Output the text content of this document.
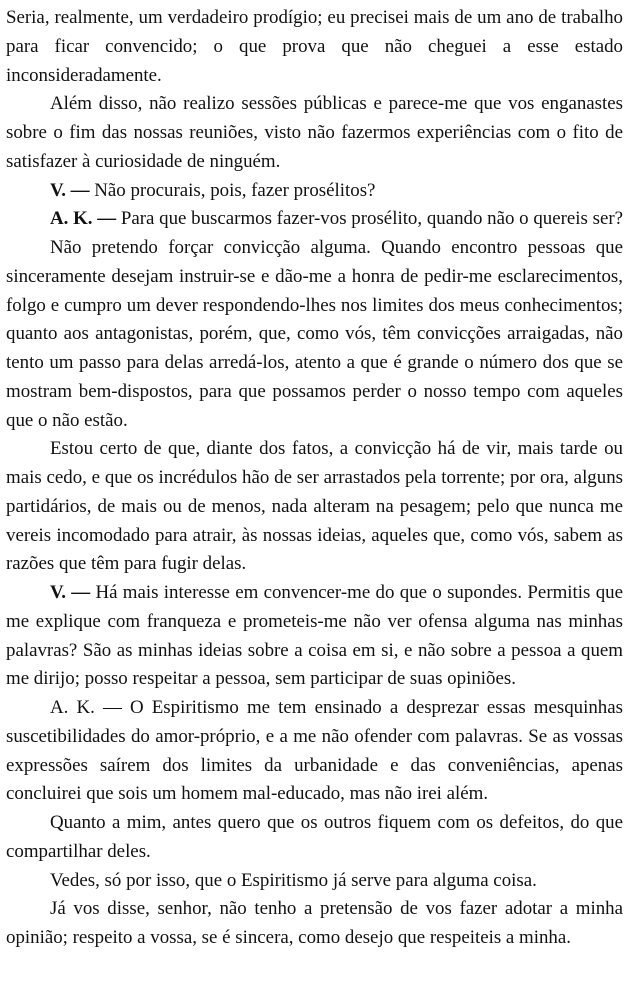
Seria, realmente, um verdadeiro prodígio; eu precisei mais de um ano de trabalho para ficar convencido; o que prova que não cheguei a esse estado inconsideradamente.

Além disso, não realizo sessões públicas e parece-me que vos enganastes sobre o fim das nossas reuniões, visto não fazermos experiências com o fito de satisfazer à curiosidade de ninguém.

V. — Não procurais, pois, fazer prosélitos?

A. K. — Para que buscarmos fazer-vos prosélito, quando não o quereis ser?

Não pretendo forçar convicção alguma. Quando encontro pessoas que sinceramente desejam instruir-se e dão-me a honra de pedir-me esclarecimentos, folgo e cumpro um dever respondendo-lhes nos limites dos meus conhecimentos; quanto aos antagonistas, porém, que, como vós, têm convicções arraigadas, não tento um passo para delas arredá-los, atento a que é grande o número dos que se mostram bem-dispostos, para que possamos perder o nosso tempo com aqueles que o não estão.

Estou certo de que, diante dos fatos, a convicção há de vir, mais tarde ou mais cedo, e que os incrédulos hão de ser arrastados pela torrente; por ora, alguns partidários, de mais ou de menos, nada alteram na pesagem; pelo que nunca me vereis incomodado para atrair, às nossas ideias, aqueles que, como vós, sabem as razões que têm para fugir delas.

V. — Há mais interesse em convencer-me do que o supondes. Permitis que me explique com franqueza e prometeis-me não ver ofensa alguma nas minhas palavras? São as minhas ideias sobre a coisa em si, e não sobre a pessoa a quem me dirijo; posso respeitar a pessoa, sem participar de suas opiniões.

A. K. — O Espiritismo me tem ensinado a desprezar essas mesquinhas suscetibilidades do amor-próprio, e a me não ofender com palavras. Se as vossas expressões saírem dos limites da urbanidade e das conveniências, apenas concluirei que sois um homem mal-educado, mas não irei além.

Quanto a mim, antes quero que os outros fiquem com os defeitos, do que compartilhar deles.

Vedes, só por isso, que o Espiritismo já serve para alguma coisa.

Já vos disse, senhor, não tenho a pretensão de vos fazer adotar a minha opinião; respeito a vossa, se é sincera, como desejo que respeiteis a minha.
